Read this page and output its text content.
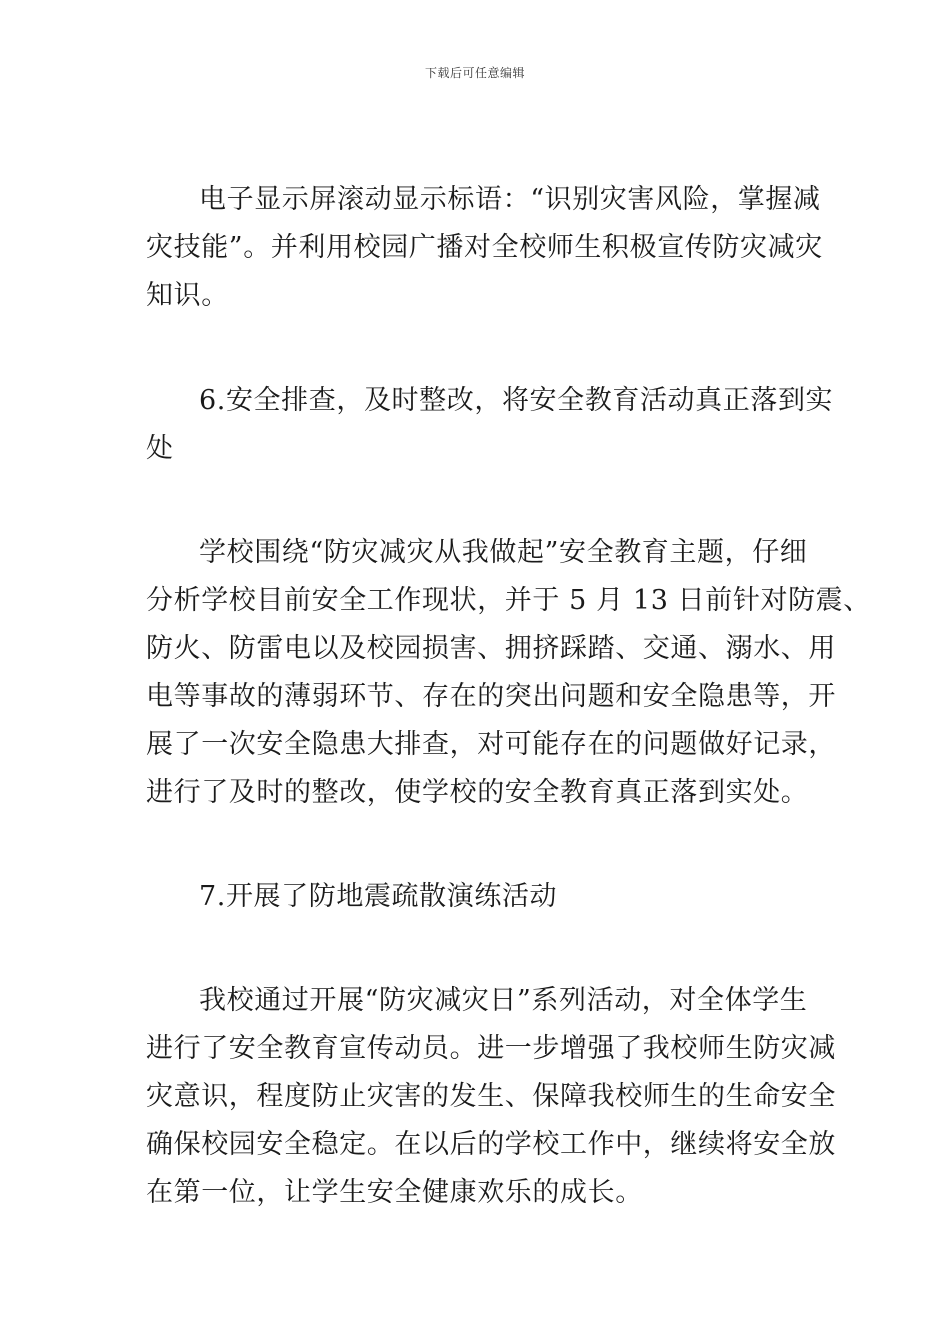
下载后可任意编辑
电子显示屏滚动显示标语：“识别灾害风险，掌握减
灾技能”。并利用校园广播对全校师生积极宣传防灾减灾
知识。
6.安全排查，及时整改，将安全教育活动真正落到实
处
学校围绕“防灾减灾从我做起”安全教育主题，仔细
分析学校目前安全工作现状，并于 5 月 13 日前针对防震、
防火、防雷电以及校园损害、拥挤踩踏、交通、溺水、用
电等事故的薄弱环节、存在的突出问题和安全隐患等，开
展了一次安全隐患大排查，对可能存在的问题做好记录，
进行了及时的整改，使学校的安全教育真正落到实处。
7.开展了防地震疏散演练活动
我校通过开展“防灾减灾日”系列活动，对全体学生
进行了安全教育宣传动员。进一步增强了我校师生防灾减
灾意识，程度防止灾害的发生、保障我校师生的生命安全
确保校园安全稳定。在以后的学校工作中，继续将安全放
在第一位，让学生安全健康欢乐的成长。
